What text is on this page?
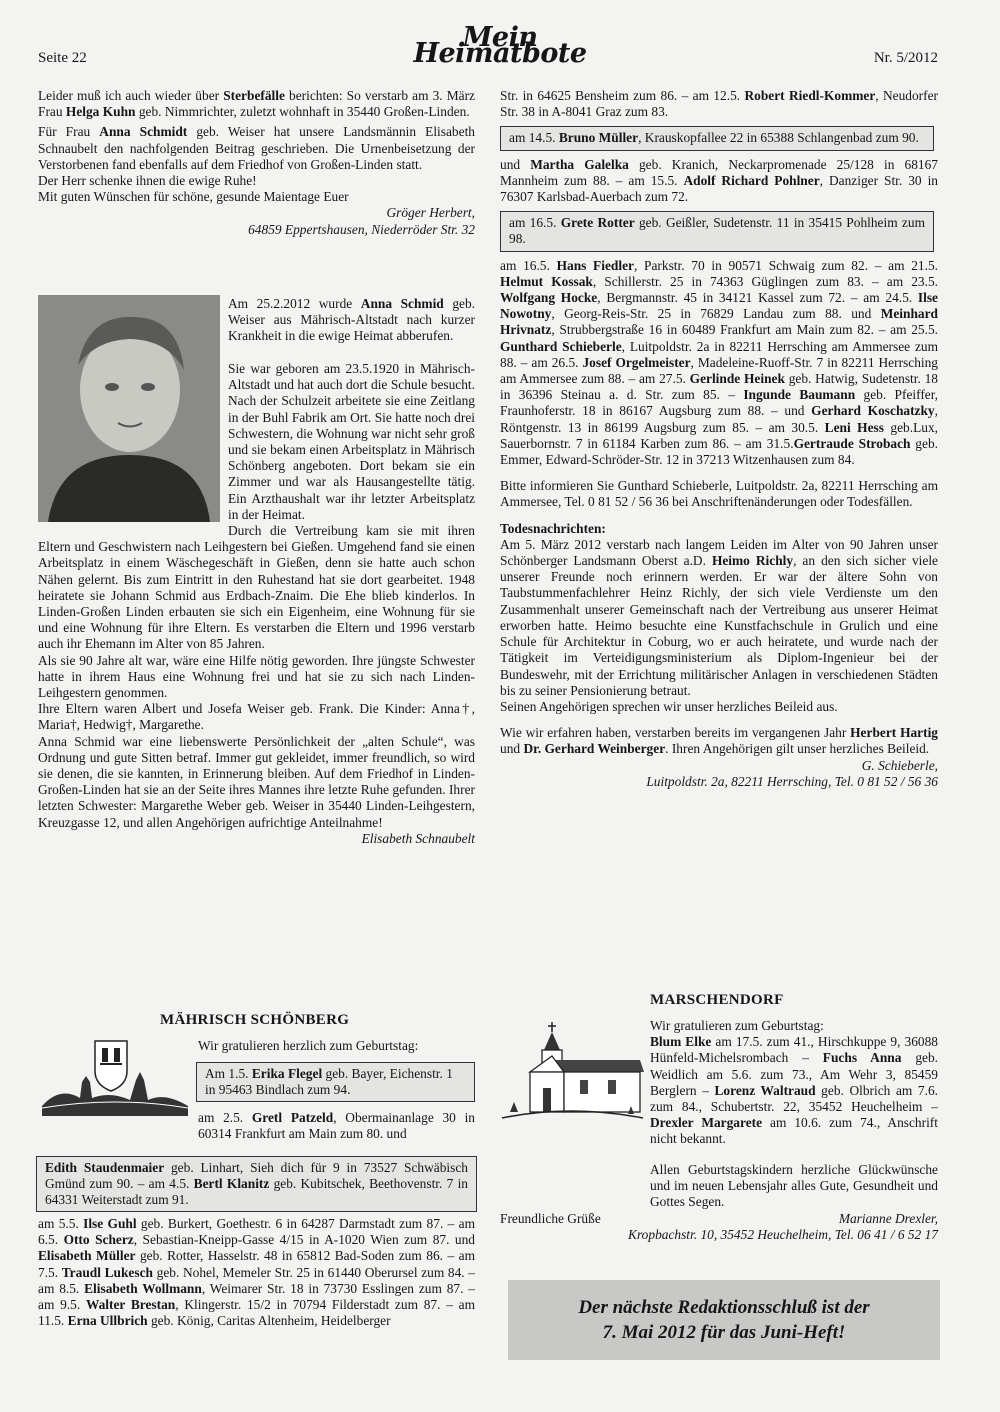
Seite 22
Mein Heimatbote	Nr. 5/2012

Leider muß ich auch wieder über Sterbefälle berichten: So verstarb am 3. März Frau Helga Kuhn geb. Nimmrichter, zuletzt wohnhaft in 35440 Großen-Linden.

Für Frau Anna Schmidt geb. Weiser hat unsere Landsmännin Elisabeth Schnaubelt den nachfolgenden Beitrag geschrieben. Die Urnenbeisetzung der Verstorbenen fand ebenfalls auf dem Friedhof von Großen-Linden statt.

Der Herr schenke ihnen die ewige Ruhe!

Mit guten Wünschen für schöne, gesunde Maientage Euer

Gröger Herbert,

64859 Eppertshausen, Niederröder Str. 32

Am 25.2.2012 wurde Anna Schmid geb. Weiser aus Mährisch-Altstadt nach kurzer Krankheit in die ewige Heimat abberufen.

Sie war geboren am 23.5.1920 in Mährisch-Altstadt und hat auch dort die Schule besucht. Nach der Schulzeit arbeitete sie eine Zeitlang in der Buhl Fabrik am Ort. Sie hatte noch drei Schwestern, die Wohnung war nicht sehr groß und sie bekam einen Arbeitsplatz in Mährisch Schönberg angeboten. Dort bekam sie ein Zimmer und war als Hausangestellte tätig. Ein Arzthaushalt war ihr letzter Arbeitsplatz in der Heimat.

Durch die Vertreibung kam sie mit ihren Eltern und Geschwistern nach Leihgestern bei Gießen. Umgehend fand sie einen Arbeitsplatz in einem Wäschegeschäft in Gießen, denn sie hatte auch schon Nähen gelernt. Bis zum Eintritt in den Ruhestand hat sie dort gearbeitet. 1948 heiratete sie Johann Schmid aus Erdbach-Znaim. Die Ehe blieb kinderlos. In Linden-Großen Linden erbauten sie sich ein Eigenheim, eine Wohnung für sie und eine Wohnung für ihre Eltern. Es verstarben die Eltern und 1996 verstarb auch ihr Ehemann im Alter von 85 Jahren.

Als sie 90 Jahre alt war, wäre eine Hilfe nötig geworden. Ihre jüngste Schwester hatte in ihrem Haus eine Wohnung frei und hat sie zu sich nach Linden-Leihgestern genommen.

Ihre Eltern waren Albert und Josefa Weiser geb. Frank. Die Kinder: Anna†, Maria†, Hedwig†, Margarethe.

Anna Schmid war eine liebenswerte Persönlichkeit der „alten Schule“, was Ordnung und gute Sitten betraf. Immer gut gekleidet, immer freundlich, so wird sie denen, die sie kannten, in Erinnerung bleiben. Auf dem Friedhof in Linden-Großen-Linden hat sie an der Seite ihres Mannes ihre letzte Ruhe gefunden. Ihrer letzten Schwester: Margarethe Weber geb. Weiser in 35440 Linden-Leihgestern, Kreuzgasse 12, und allen Angehörigen aufrichtige Anteilnahme!

Elisabeth Schnaubelt

MÄHRISCH SCHÖNBERG
Wir gratulieren herzlich zum Geburtstag:
Am 1.5. Erika Flegel geb. Bayer, Eichenstr. 1 in 95463 Bindlach zum 94.
am 2.5. Gretl Patzeld, Obermainanlage 30 in 60314 Frankfurt am Main zum 80. und
Edith Staudenmaier geb. Linhart, Sieh dich für 9 in 73527 Schwäbisch Gmünd zum 90. – am 4.5. Bertl Klanitz geb. Kubitschek, Beethovenstr. 7 in 64331 Weiterstadt zum 91.
am 5.5. Ilse Guhl geb. Burkert, Goethestr. 6 in 64287 Darmstadt zum 87. – am 6.5. Otto Scherz, Sebastian-Kneipp-Gasse 4/15 in A-1020 Wien zum 87. und Elisabeth Müller geb. Rotter, Hasselstr. 48 in 65812 Bad-Soden zum 86. – am 7.5. Traudl Lukesch geb. Nohel, Memeler Str. 25 in 61440 Oberursel zum 84. – am 8.5. Elisabeth Wollmann, Weimarer Str. 18 in 73730 Esslingen zum 87. – am 9.5. Walter Brestan, Klingerstr. 15/2 in 70794 Filderstadt zum 87. – am 11.5. Erna Ullbrich geb. König, Caritas Altenheim, Heidelberger

Str. in 64625 Bensheim zum 86. – am 12.5. Robert Riedl-Kommer, Neudorfer Str. 38 in A-8041 Graz zum 83.

am 14.5. Bruno Müller, Krauskopfallee 22 in 65388 Schlangenbad zum 90.

und Martha Galelka geb. Kranich, Neckarpromenade 25/128 in 68167 Mannheim zum 88. – am 15.5. Adolf Richard Pohlner, Danziger Str. 30 in 76307 Karlsbad-Auerbach zum 72.

am 16.5. Grete Rotter geb. Geißler, Sudetenstr. 11 in 35415 Pohlheim zum 98.

am 16.5. Hans Fiedler, Parkstr. 70 in 90571 Schwaig zum 82. – am 21.5. Helmut Kossak, Schillerstr. 25 in 74363 Güglingen zum 83. – am 23.5. Wolfgang Hocke, Bergmannstr. 45 in 34121 Kassel zum 72. – am 24.5. Ilse Nowotny, Georg-Reis-Str. 25 in 76829 Landau zum 88. und Meinhard Hrivnatz, Strubbergstraße 16 in 60489 Frankfurt am Main zum 82. – am 25.5. Gunthard Schieberle, Luitpoldstr. 2a in 82211 Herrsching am Ammersee zum 88. – am 26.5. Josef Orgelmeister, Madeleine-Ruoff-Str. 7 in 82211 Herrsching am Ammersee zum 88. – am 27.5. Gerlinde Heinek geb. Hatwig, Sudetenstr. 18 in 36396 Steinau a. d. Str. zum 85. – Ingunde Baumann geb. Pfeiffer, Fraunhoferstr. 18 in 86167 Augsburg zum 88. – und Gerhard Koschatzky, Röntgenstr. 13 in 86199 Augsburg zum 85. – am 30.5. Leni Hess geb.Lux, Sauerbornstr. 7 in 61184 Karben zum 86. – am 31.5.Gertraude Strobach geb. Emmer, Edward-Schröder-Str. 12 in 37213 Witzenhausen zum 84.

Bitte informieren Sie Gunthard Schieberle, Luitpoldstr. 2a, 82211 Herrsching am Ammersee, Tel. 0 81 52 / 56 36 bei Anschriftenänderungen oder Todesfällen.

Todesnachrichten:

Am 5. März 2012 verstarb nach langem Leiden im Alter von 90 Jahren unser Schönberger Landsmann Oberst a.D. Heimo Richly, an den sich sicher viele unserer Freunde noch erinnern werden. Er war der ältere Sohn von Taubstummenfachlehrer Heinz Richly, der sich viele Verdienste um den Zusammenhalt unserer Gemeinschaft nach der Vertreibung aus unserer Heimat erworben hatte. Heimo besuchte eine Kunstfachschule in Grulich und eine Schule für Architektur in Coburg, wo er auch heiratete, und wurde nach der Tätigkeit im Verteidigungsministerium als Diplom-Ingenieur bei der Bundeswehr, mit der Errichtung militärischer Anlagen in verschiedenen Städten bis zu seiner Pensionierung betraut.

Seinen Angehörigen sprechen wir unser herzliches Beileid aus.

Wie wir erfahren haben, verstarben bereits im vergangenen Jahr Herbert Hartig und Dr. Gerhard Weinberger. Ihren Angehörigen gilt unser herzliches Beileid.

G. Schieberle,

Luitpoldstr. 2a, 82211 Herrsching, Tel. 0 81 52 / 56 36

MARSCHENDORF

Wir gratulieren zum Geburtstag:

Blum Elke am 17.5. zum 41., Hirschkuppe 9, 36088 Hünfeld-Michelsrombach – Fuchs Anna geb. Weidlich am 5.6. zum 73., Am Wehr 3, 85459 Berglern – Lorenz Waltraud geb. Olbrich am 7.6. zum 84., Schubertstr. 22, 35452 Heuchelheim – Drexler Margarete am 10.6. zum 74., Anschrift nicht bekannt.

Allen Geburtstagskindern herzliche Glückwünsche und im neuen Lebensjahr alles Gute, Gesundheit und Gottes Segen.

Freundliche Grüße	Marianne Drexler,

Kropbachstr. 10, 35452 Heuchelheim, Tel. 06 41 / 6 52 17

Der nächste Redaktionsschluß ist der
7. Mai 2012 für das Juni-Heft!
